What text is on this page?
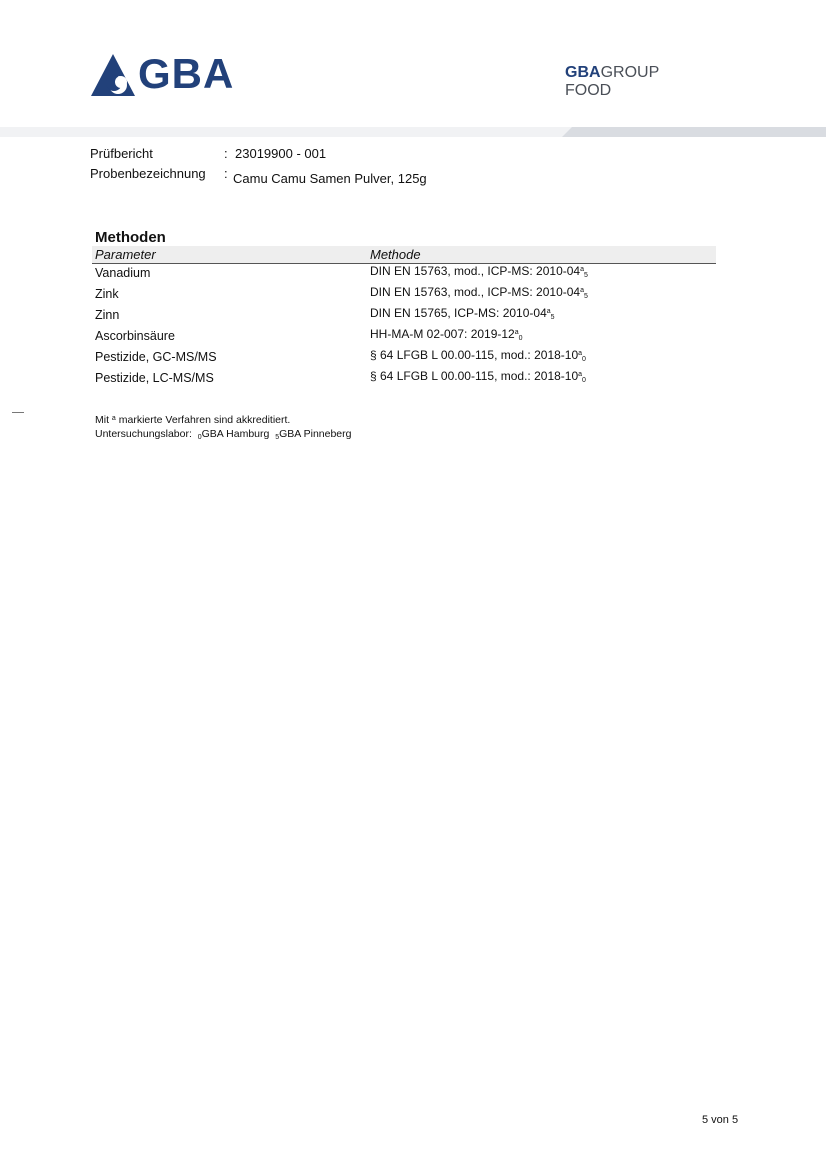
GBA	GBAGROUP
FOOD
Prüfbericht	: 23019900 - 001
Probenbezeichnung : Camu Camu Samen Pulver, 125g
Methoden
Parameter	Methode
Vanadium	DIN EN 15763, mod., ICP-MS: $2010-04^a_5$
Zink	DIN EN 15763, mod., ICP-MS: $2010-04^a_5$
Zinn	DIN EN 15765, ICP-MS: $2010-04^a_5$
Ascorbinsäure	HH-MA-M 02-007: $2019-12^a_0$
Pestizide, GC-MS/MS	§ 64 LFGB L 00.00-115, mod.: $2018-10^a_0$
Pestizide, LC-MS/MS	§ 64 LFGB L 00.00-115, mod.: $2018-10^a_0$
Mit $^a$ markierte Verfahren sind akkreditiert.
Untersuchungslabor: $_0$GBA Hamburg $_5$GBA Pinneberg
5 von 5
